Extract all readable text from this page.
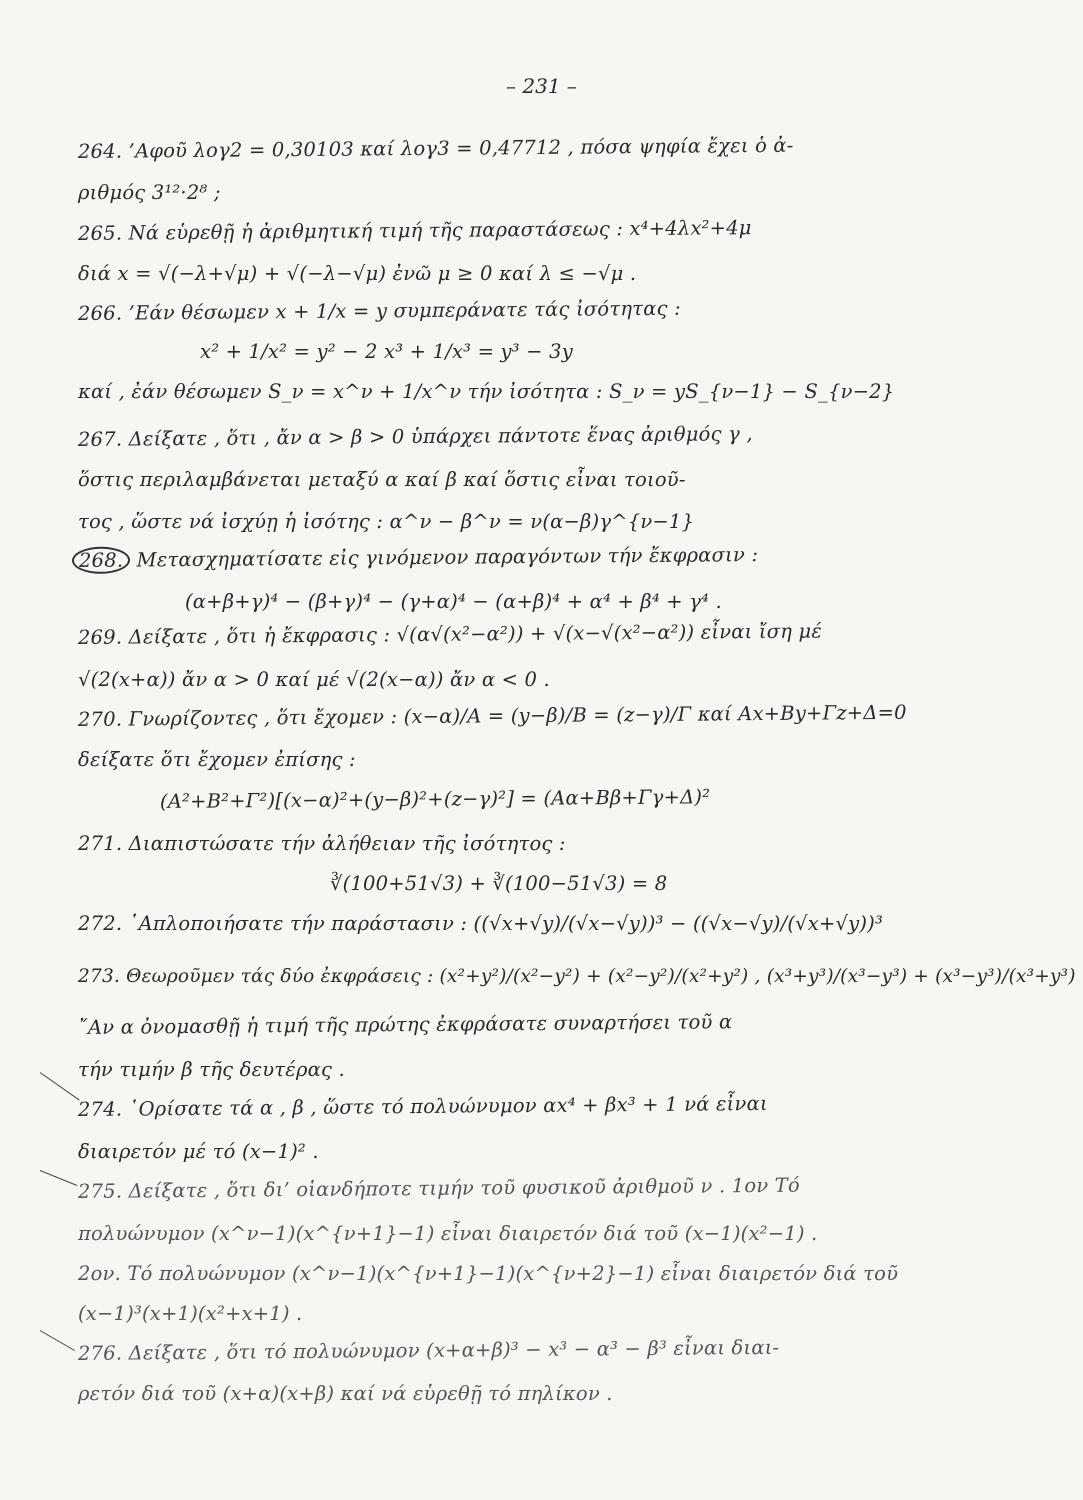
– 231 –
264. ’Αφοῦ λογ2 = 0,30103 καί λογ3 = 0,47712 , πόσα ψηφία ἔχει ὁ ἀ-
ριθμός 3¹²·2⁸ ;
265. Νά εὑρεθῇ ἡ ἀριθμητική τιμή τῆς παραστάσεως : x⁴+4λx²+4μ
διά x = √(−λ+√μ) + √(−λ−√μ) ἐνῶ μ ≥ 0 καί λ ≤ −√μ .
266. ’Εάν θέσωμεν x + 1/x = y συμπεράνατε τάς ἰσότητας :
x² + 1/x² = y² − 2 x³ + 1/x³ = y³ − 3y
καί , ἐάν θέσωμεν S_ν = x^ν + 1/x^ν τήν ἰσότητα : S_ν = yS_{ν−1} − S_{ν−2}
267. Δείξατε , ὅτι , ἄν α > β > 0 ὑπάρχει πάντοτε ἕνας ἀριθμός γ ,
ὅστις περιλαμβάνεται μεταξύ α καί β καί ὅστις εἶναι τοιοῦ-
τος , ὥστε νά ἰσχύῃ ἡ ἰσότης : α^ν − β^ν = ν(α−β)γ^{ν−1}
268. Μετασχηματίσατε εἰς γινόμενον παραγόντων τήν ἔκφρασιν :
(α+β+γ)⁴ − (β+γ)⁴ − (γ+α)⁴ − (α+β)⁴ + α⁴ + β⁴ + γ⁴ .
269. Δείξατε , ὅτι ἡ ἔκφρασις : √(α√(x²−α²)) + √(x−√(x²−α²)) εἶναι ἴση μέ
√(2(x+α)) ἄν α > 0 καί μέ √(2(x−α)) ἄν α < 0 .
270. Γνωρίζοντες , ὅτι ἔχομεν : (x−α)/Α = (y−β)/Β = (z−γ)/Γ καί Αx+Βy+Γz+Δ=0
δείξατε ὅτι ἔχομεν ἐπίσης :
(Α²+Β²+Γ²)[(x−α)²+(y−β)²+(z−γ)²] = (Αα+Ββ+Γγ+Δ)²
271. Διαπιστώσατε τήν ἀλήθειαν τῆς ἰσότητος :
∛(100+51√3) + ∛(100−51√3) = 8
272. ῾Απλοποιήσατε τήν παράστασιν : ((√x+√y)/(√x−√y))³ − ((√x−√y)/(√x+√y))³
273. Θεωροῦμεν τάς δύο ἐκφράσεις : (x²+y²)/(x²−y²) + (x²−y²)/(x²+y²) , (x³+y³)/(x³−y³) + (x³−y³)/(x³+y³)
῎Αν α ὀνομασθῇ ἡ τιμή τῆς πρώτης ἐκφράσατε συναρτήσει τοῦ α
τήν τιμήν β τῆς δευτέρας .
274. ῾Ορίσατε τά α , β , ὥστε τό πολυώνυμον αx⁴ + βx³ + 1 νά εἶναι
διαιρετόν μέ τό (x−1)² .
275. Δείξατε , ὅτι δι’ οἱανδήποτε τιμήν τοῦ φυσικοῦ ἀριθμοῦ ν . 1ον Τό
πολυώνυμον (x^ν−1)(x^{ν+1}−1) εἶναι διαιρετόν διά τοῦ (x−1)(x²−1) .
2ον. Τό πολυώνυμον (x^ν−1)(x^{ν+1}−1)(x^{ν+2}−1) εἶναι διαιρετόν διά τοῦ
(x−1)³(x+1)(x²+x+1) .
276. Δείξατε , ὅτι τό πολυώνυμον (x+α+β)³ − x³ − α³ − β³ εἶναι διαι-
ρετόν διά τοῦ (x+α)(x+β) καί νά εὑρεθῇ τό πηλίκον .
